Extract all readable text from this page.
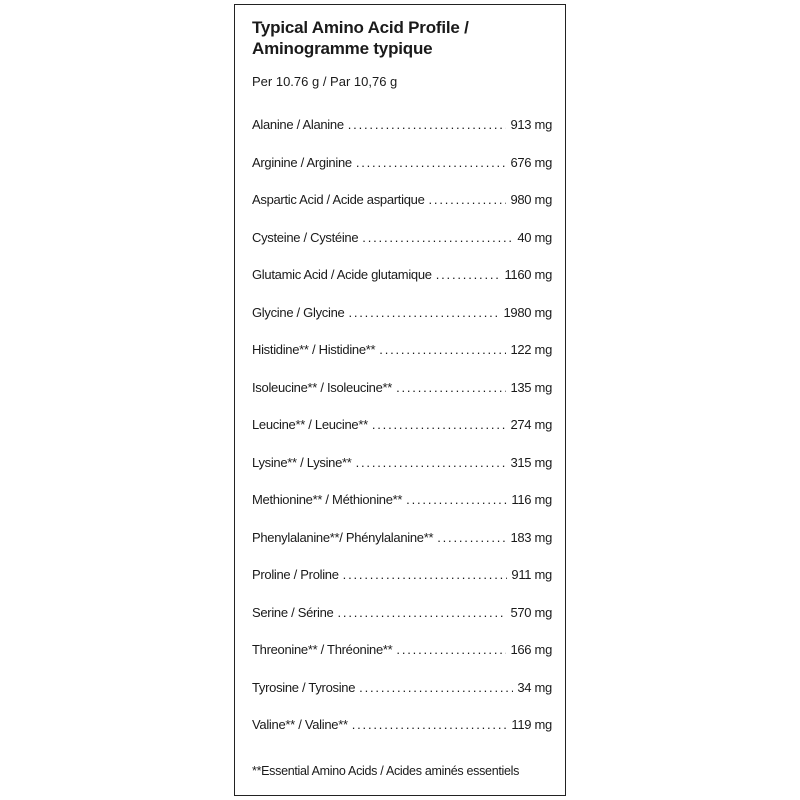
Typical Amino Acid Profile /
Aminogramme typique
Per 10.76 g / Par 10,76 g
Alanine / Alanine .....	913 mg
Arginine / Arginine .....	676 mg
Aspartic Acid / Acide aspartique .....	980 mg
Cysteine / Cystéine .....	40 mg
Glutamic Acid / Acide glutamique .....	1160 mg
Glycine / Glycine .....	1980 mg
Histidine** / Histidine** .....	122 mg
Isoleucine** / Isoleucine** .....	135 mg
Leucine** / Leucine** .....	274 mg
Lysine** / Lysine** .....	315 mg
Methionine** / Méthionine** .....	116 mg
Phenylalanine**/ Phénylalanine** .....	183 mg
Proline / Proline .....	911 mg
Serine / Sérine .....	570 mg
Threonine** / Thréonine** .....	166 mg
Tyrosine / Tyrosine .....	34 mg
Valine** / Valine** .....	119 mg
**Essential Amino Acids / Acides aminés essentiels
